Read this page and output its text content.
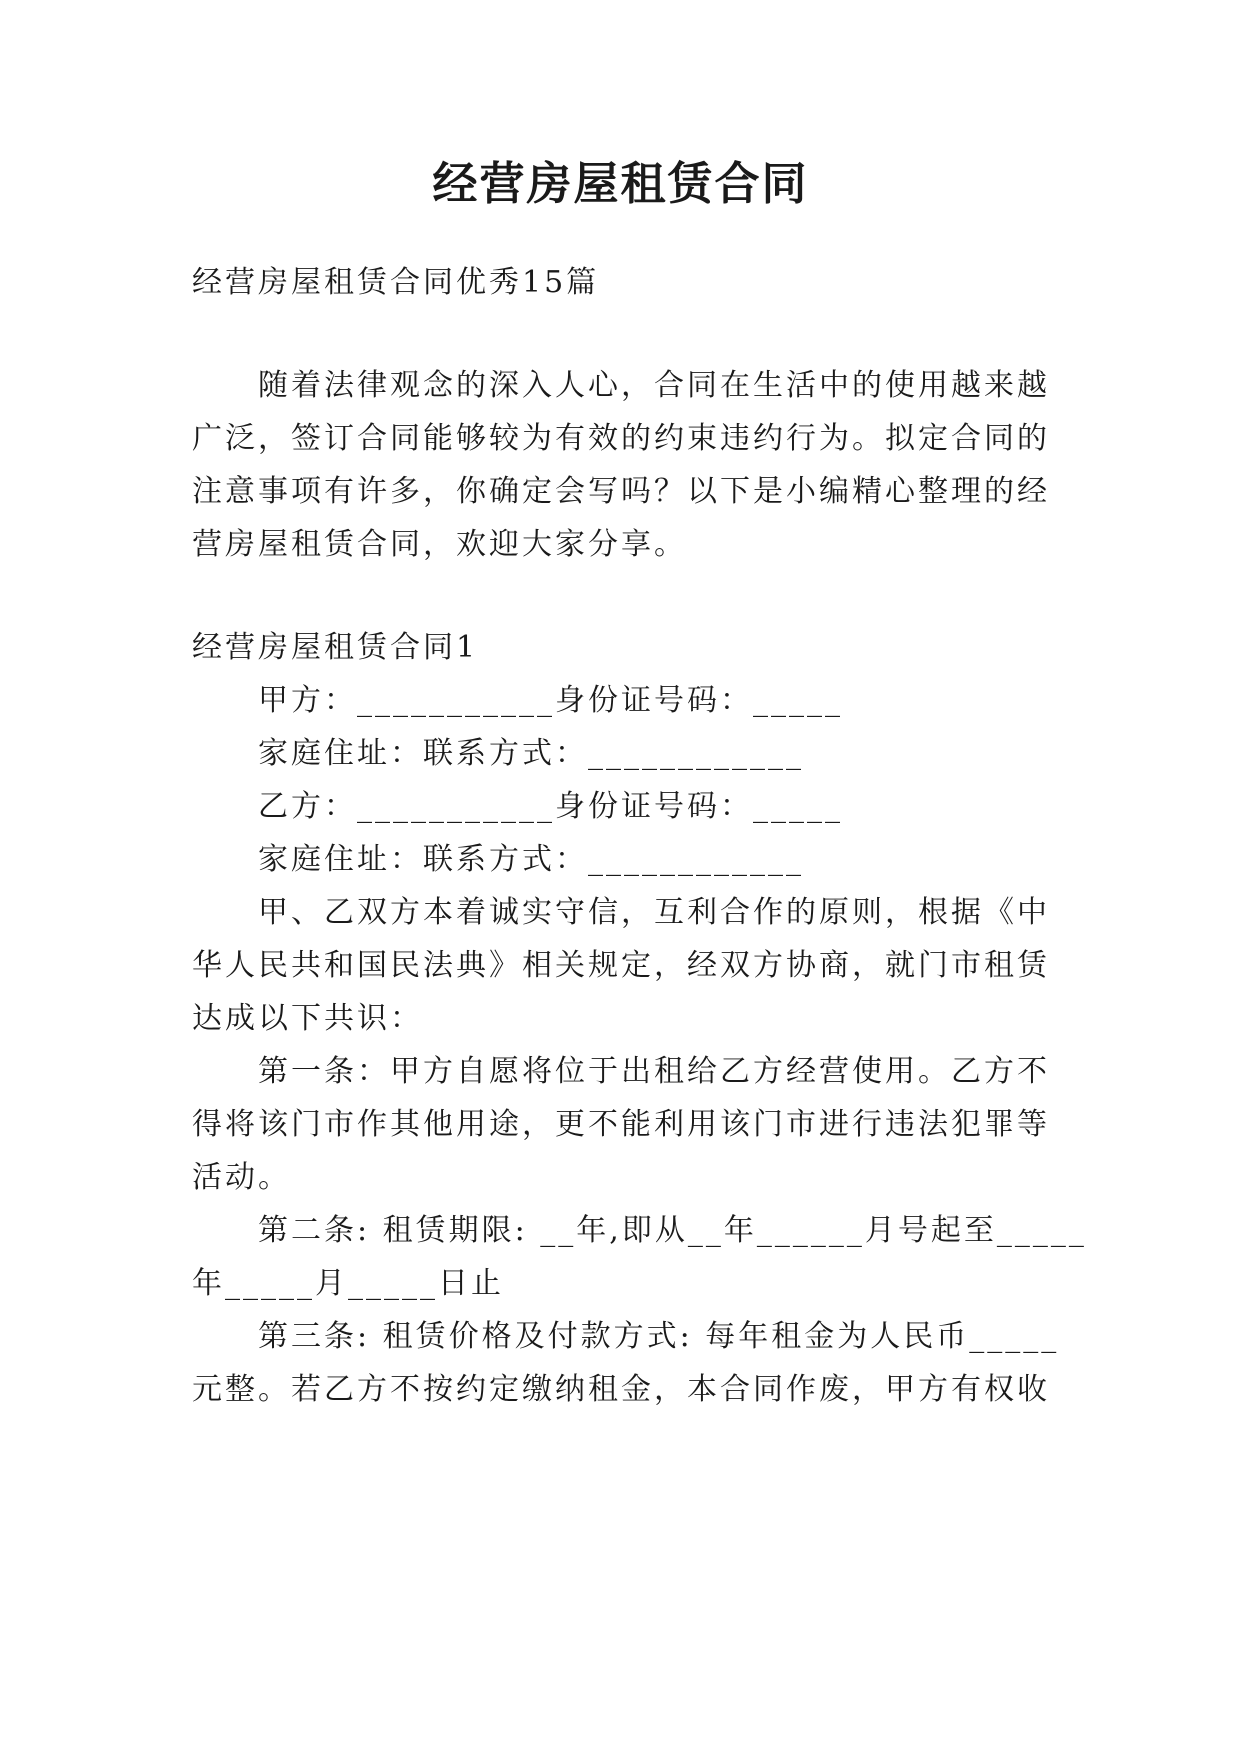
经营房屋租赁合同
经营房屋租赁合同优秀15篇
随着法律观念的深入人心，合同在生活中的使用越来越
广泛，签订合同能够较为有效的约束违约行为。拟定合同的
注意事项有许多，你确定会写吗？以下是小编精心整理的经
营房屋租赁合同，欢迎大家分享。
经营房屋租赁合同1
甲方：___________身份证号码：_____
家庭住址：联系方式：____________
乙方：___________身份证号码：_____
家庭住址：联系方式：____________
甲、乙双方本着诚实守信，互利合作的原则，根据《中
华人民共和国民法典》相关规定，经双方协商，就门市租赁
达成以下共识：
第一条：甲方自愿将位于出租给乙方经营使用。乙方不
得将该门市作其他用途，更不能利用该门市进行违法犯罪等
活动。
第二条: 租赁期限: __年,即从__年______月号起至_____
年_____月_____日止
第三条: 租赁价格及付款方式: 每年租金为人民币_____
元整。若乙方不按约定缴纳租金，本合同作废，甲方有权收
